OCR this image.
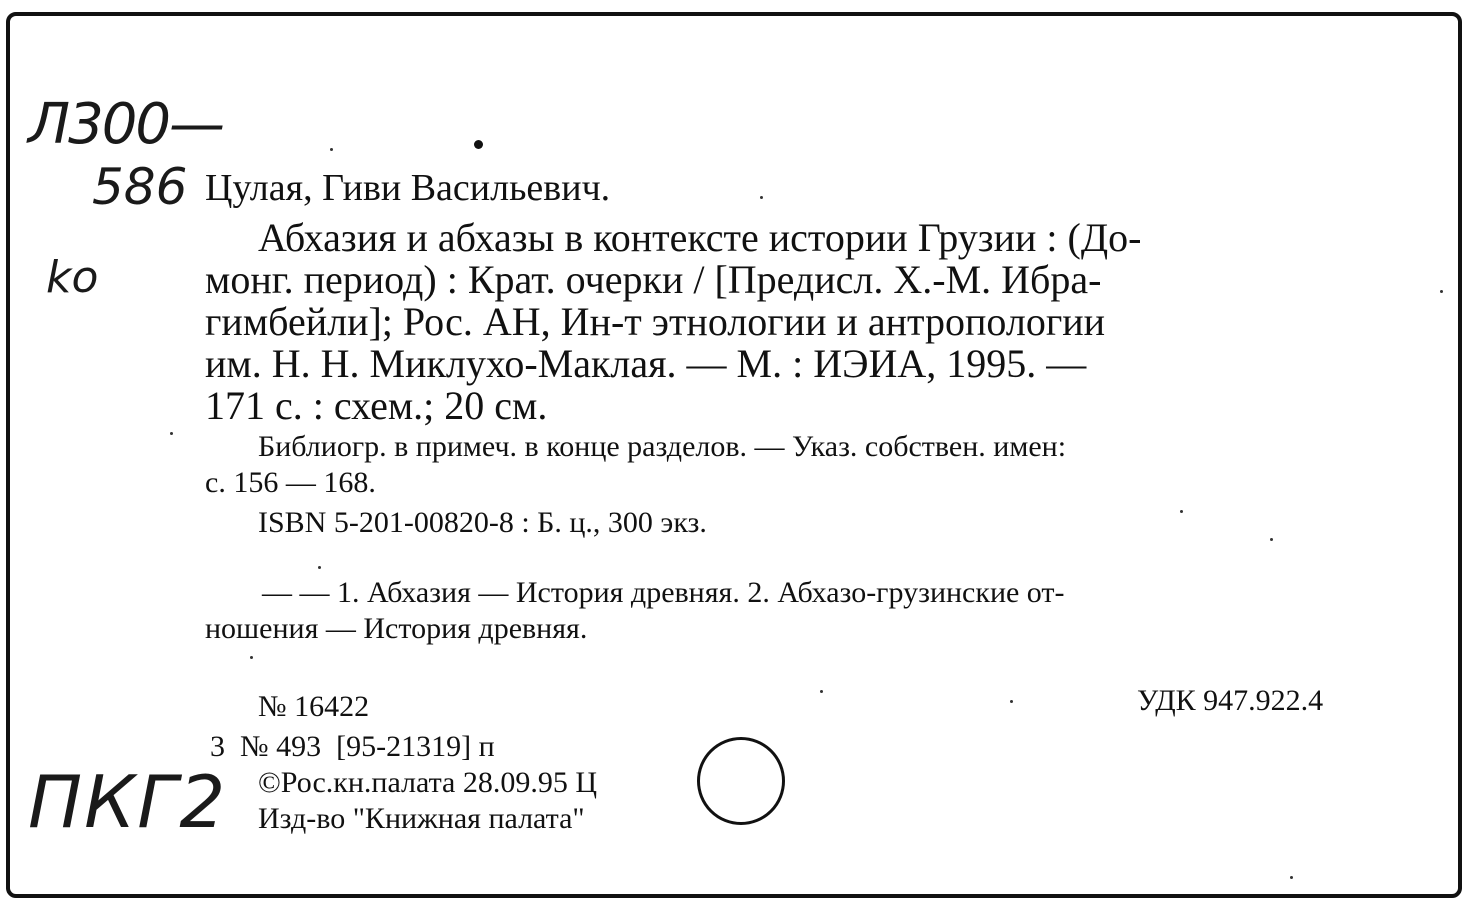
Л300—
586
ko
ПКГ2
Цулая, Гиви Васильевич.
Абхазия и абхазы в контексте истории Грузии : (До-
монг. период) : Крат. очерки / [Предисл. Х.-М. Ибра-
гимбейли]; Рос. АН, Ин-т этнологии и антропологии
им. Н. Н. Миклухо-Маклая. — М. : ИЭИА, 1995. —
171 с. : схем.; 20 см.
Библиогр. в примеч. в конце разделов. — Указ. собствен. имен:
с. 156 — 168.
ISBN 5-201-00820-8 : Б. ц., 300 экз.
— — 1. Абхазия — История древняя. 2. Абхазо-грузинские от-
ношения — История древняя.
№ 16422	УДК 947.922.4
3  № 493  [95-21319] п
©Рос.кн.палата 28.09.95 Ц
Изд-во "Книжная палата"
